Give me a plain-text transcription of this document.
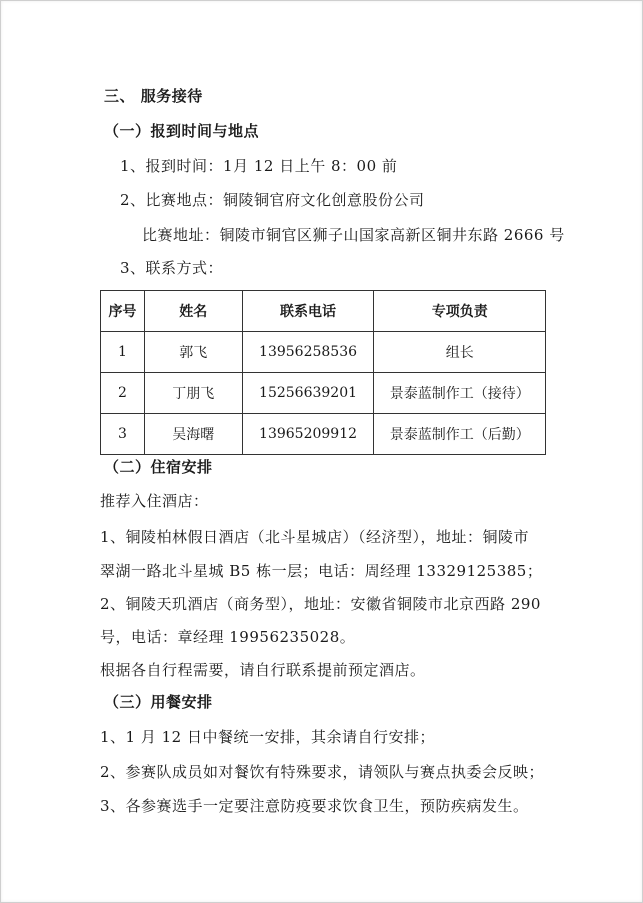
三、 服务接待
（一）报到时间与地点
1、报到时间：1月 12 日上午 8：00 前
2、比赛地点：铜陵铜官府文化创意股份公司
比赛地址：铜陵市铜官区狮子山国家高新区铜井东路 2666 号
3、联系方式：
序号	姓名	联系电话	专项负责
1	郭飞	13956258536	组长
2	丁朋飞	15256639201	景泰蓝制作工（接待）
3	吴海曙	13965209912	景泰蓝制作工（后勤）
（二）住宿安排
推荐入住酒店：
1、铜陵柏林假日酒店（北斗星城店）（经济型），地址：铜陵市
翠湖一路北斗星城 B5 栋一层；电话：周经理 13329125385；
2、铜陵天玑酒店（商务型），地址：安徽省铜陵市北京西路 290
号，电话：章经理 19956235028。
根据各自行程需要，请自行联系提前预定酒店。
（三）用餐安排
1、1 月 12 日中餐统一安排，其余请自行安排；
2、参赛队成员如对餐饮有特殊要求，请领队与赛点执委会反映；
3、各参赛选手一定要注意防疫要求饮食卫生，预防疾病发生。
